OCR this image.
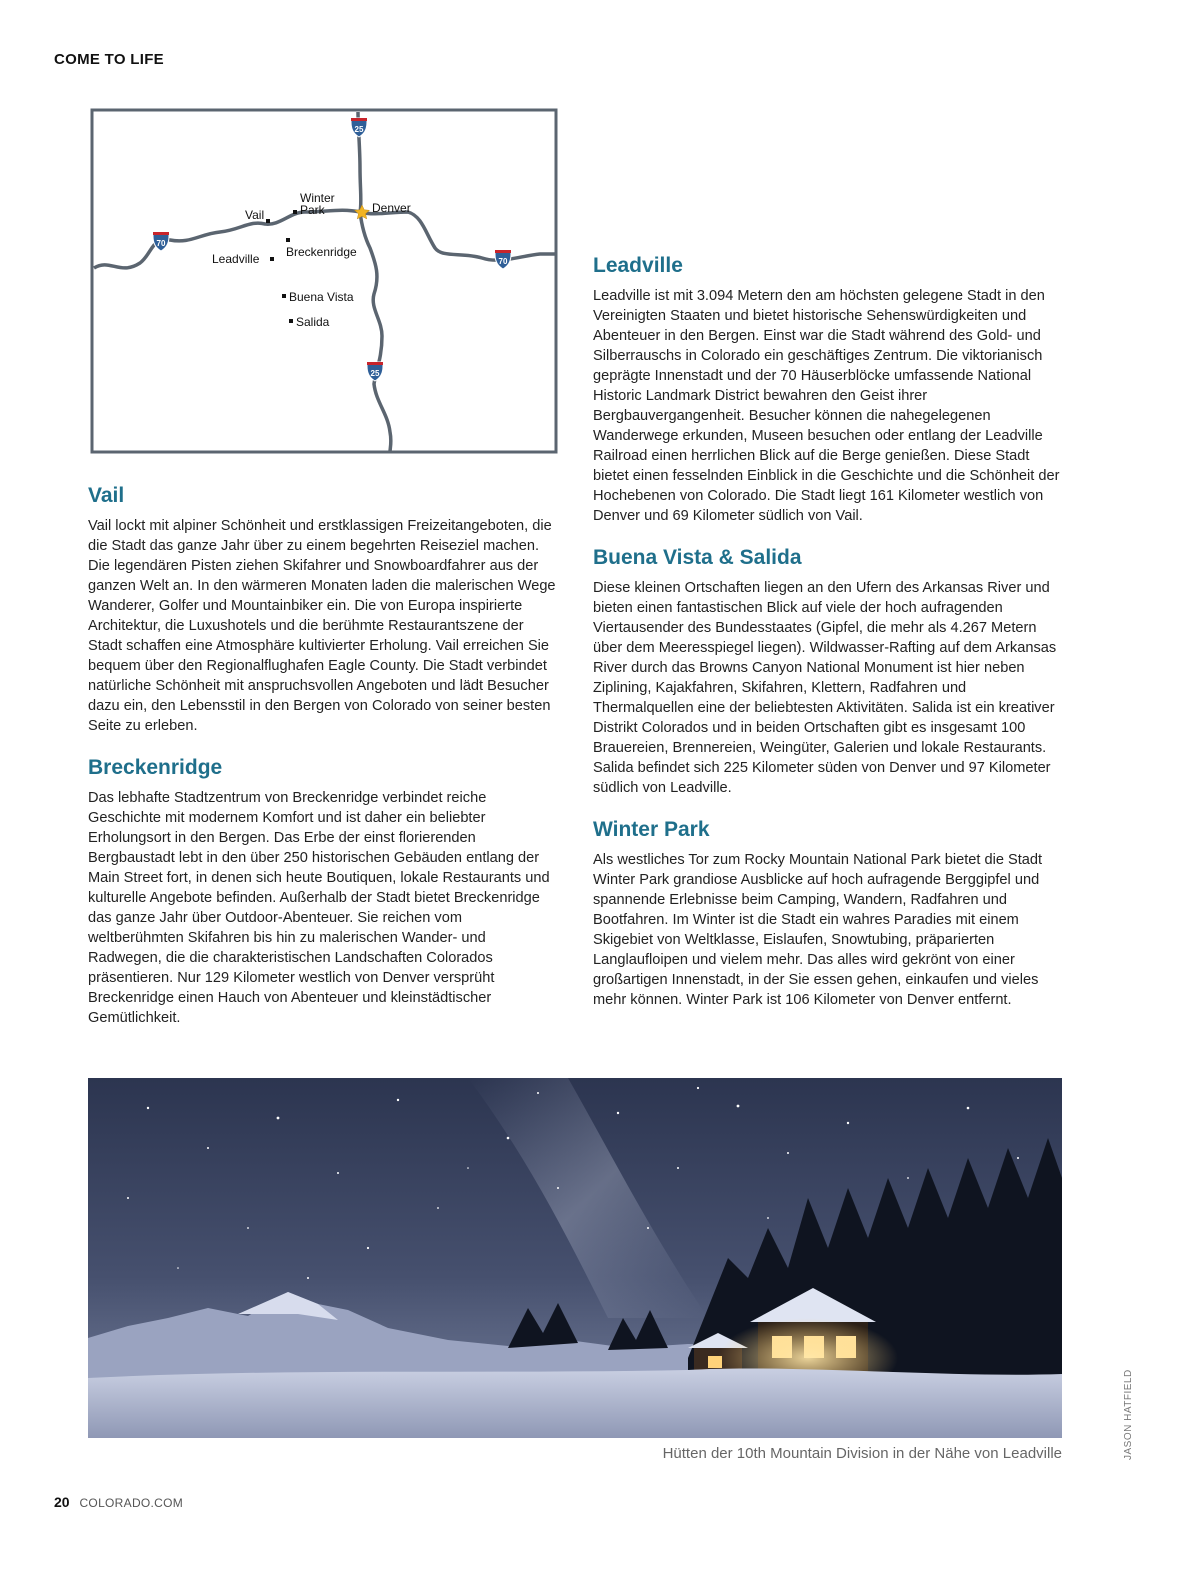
COME TO LIFE
25
70
70
25
Vail
Winter
Park	Denver
Leadville Breckenridge
Buena Vista
Salida
Vail

Vail lockt mit alpiner Schönheit und erstklassigen Freizeitangeboten, die die Stadt das ganze Jahr über zu einem begehrten Reiseziel machen. Die legendären Pisten ziehen Skifahrer und Snowboardfahrer aus der ganzen Welt an. In den wärmeren Monaten laden die malerischen Wege Wanderer, Golfer und Mountainbiker ein. Die von Europa inspirierte Architektur, die Luxushotels und die berühmte Restaurantszene der Stadt schaffen eine Atmosphäre kultivierter Erholung. Vail erreichen Sie bequem über den Regionalflughafen Eagle County. Die Stadt verbindet natürliche Schönheit mit anspruchsvollen Angeboten und lädt Besucher dazu ein, den Lebensstil in den Bergen von Colorado von seiner besten Seite zu erleben.

Breckenridge

Das lebhafte Stadtzentrum von Breckenridge verbindet reiche Geschichte mit modernem Komfort und ist daher ein beliebter Erholungsort in den Bergen. Das Erbe der einst florierenden Bergbaustadt lebt in den über 250 historischen Gebäuden entlang der Main Street fort, in denen sich heute Boutiquen, lokale Restaurants und kulturelle Angebote befinden. Außerhalb der Stadt bietet Breckenridge das ganze Jahr über Outdoor-Abenteuer. Sie reichen vom weltberühmten Skifahren bis hin zu malerischen Wander- und Radwegen, die die charakteristischen Landschaften Colorados präsentieren. Nur 129 Kilometer westlich von Denver versprüht Breckenridge einen Hauch von Abenteuer und kleinstädtischer Gemütlichkeit.

Leadville

Leadville ist mit 3.094 Metern den am höchsten gelegene Stadt in den Vereinigten Staaten und bietet historische Sehenswürdigkeiten und Abenteuer in den Bergen. Einst war die Stadt während des Gold- und Silberrauschs in Colorado ein geschäftiges Zentrum. Die viktorianisch geprägte Innenstadt und der 70 Häuserblöcke umfassende National Historic Landmark District bewahren den Geist ihrer Bergbauvergangenheit. Besucher können die nahegelegenen Wanderwege erkunden, Museen besuchen oder entlang der Leadville Railroad einen herrlichen Blick auf die Berge genießen. Diese Stadt bietet einen fesselnden Einblick in die Geschichte und die Schönheit der Hochebenen von Colorado. Die Stadt liegt 161 Kilometer westlich von Denver und 69 Kilometer südlich von Vail.

Buena Vista & Salida

Diese kleinen Ortschaften liegen an den Ufern des Arkansas River und bieten einen fantastischen Blick auf viele der hoch aufragenden Viertausender des Bundesstaates (Gipfel, die mehr als 4.267 Metern über dem Meeresspiegel liegen). Wildwasser-Rafting auf dem Arkansas River durch das Browns Canyon National Monument ist hier neben Ziplining, Kajakfahren, Skifahren, Klettern, Radfahren und Thermalquellen eine der beliebtesten Aktivitäten. Salida ist ein kreativer Distrikt Colorados und in beiden Ortschaften gibt es insgesamt 100 Brauereien, Brennereien, Weingüter, Galerien und lokale Restaurants. Salida befindet sich 225 Kilometer süden von Denver und 97 Kilometer südlich von Leadville.

Winter Park

Als westliches Tor zum Rocky Mountain National Park bietet die Stadt Winter Park grandiose Ausblicke auf hoch aufragende Berggipfel und spannende Erlebnisse beim Camping, Wandern, Radfahren und Bootfahren. Im Winter ist die Stadt ein wahres Paradies mit einem Skigebiet von Weltklasse, Eislaufen, Snowtubing, präparierten Langlaufloipen und vielem mehr. Das alles wird gekrönt von einer großartigen Innenstadt, in der Sie essen gehen, einkaufen und vieles mehr können. Winter Park ist 106 Kilometer von Denver entfernt.

Hütten der 10th Mountain Division in der Nähe von Leadville	JASON HATFIELD
20 COLORADO.COM
